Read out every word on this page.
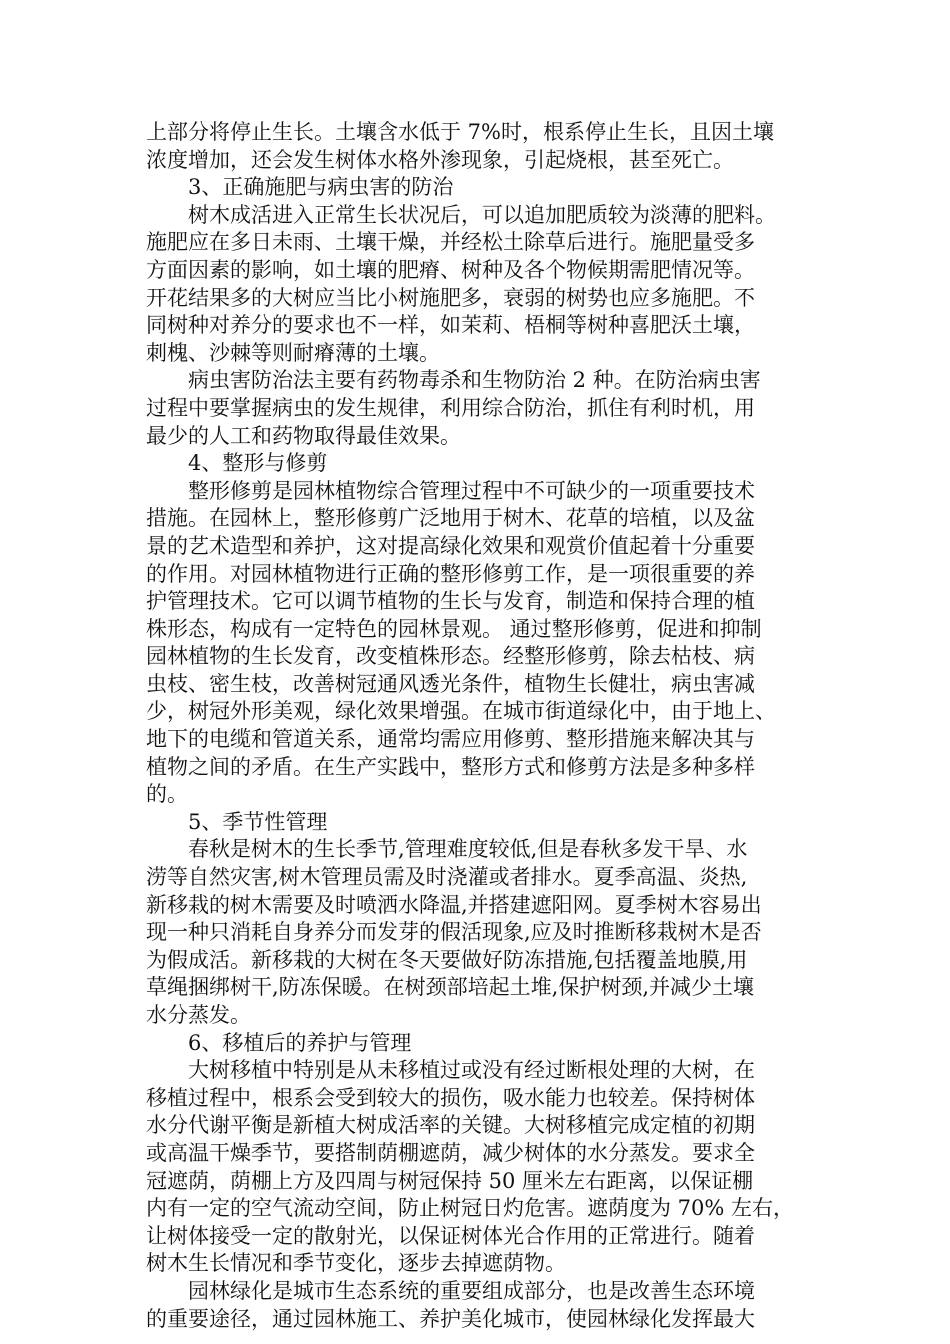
上部分将停止生长。土壤含水低于 7%时，根系停止生长，且因土壤
浓度增加，还会发生树体水格外渗现象，引起烧根，甚至死亡。
3、正确施肥与病虫害的防治
树木成活进入正常生长状况后，可以追加肥质较为淡薄的肥料。
施肥应在多日未雨、土壤干燥，并经松土除草后进行。施肥量受多
方面因素的影响，如土壤的肥瘠、树种及各个物候期需肥情况等。
开花结果多的大树应当比小树施肥多，衰弱的树势也应多施肥。不
同树种对养分的要求也不一样，如茉莉、梧桐等树种喜肥沃土壤，
刺槐、沙棘等则耐瘠薄的土壤。
病虫害防治法主要有药物毒杀和生物防治 2 种。在防治病虫害
过程中要掌握病虫的发生规律，利用综合防治，抓住有利时机，用
最少的人工和药物取得最佳效果。
4、整形与修剪
整形修剪是园林植物综合管理过程中不可缺少的一项重要技术
措施。在园林上，整形修剪广泛地用于树木、花草的培植，以及盆
景的艺术造型和养护，这对提高绿化效果和观赏价值起着十分重要
的作用。对园林植物进行正确的整形修剪工作，是一项很重要的养
护管理技术。它可以调节植物的生长与发育，制造和保持合理的植
株形态，构成有一定特色的园林景观。 通过整形修剪，促进和抑制
园林植物的生长发育，改变植株形态。经整形修剪，除去枯枝、病
虫枝、密生枝，改善树冠通风透光条件，植物生长健壮，病虫害减
少，树冠外形美观，绿化效果增强。在城市街道绿化中，由于地上、
地下的电缆和管道关系，通常均需应用修剪、整形措施来解决其与
植物之间的矛盾。在生产实践中，整形方式和修剪方法是多种多样
的。
5、季节性管理
春秋是树木的生长季节,管理难度较低,但是春秋多发干旱、水
涝等自然灾害,树木管理员需及时浇灌或者排水。夏季高温、炎热,
新移栽的树木需要及时喷洒水降温,并搭建遮阳网。夏季树木容易出
现一种只消耗自身养分而发芽的假活现象,应及时推断移栽树木是否
为假成活。新移栽的大树在冬天要做好防冻措施,包括覆盖地膜,用
草绳捆绑树干,防冻保暖。在树颈部培起土堆,保护树颈,并减少土壤
水分蒸发。
6、移植后的养护与管理
大树移植中特别是从未移植过或没有经过断根处理的大树，在
移植过程中，根系会受到较大的损伤，吸水能力也较差。保持树体
水分代谢平衡是新植大树成活率的关键。大树移植完成定植的初期
或高温干燥季节，要搭制荫棚遮荫，减少树体的水分蒸发。要求全
冠遮荫，荫棚上方及四周与树冠保持 50 厘米左右距离，以保证棚
内有一定的空气流动空间，防止树冠日灼危害。遮荫度为 70% 左右，
让树体接受一定的散射光，以保证树体光合作用的正常进行。随着
树木生长情况和季节变化，逐步去掉遮荫物。
园林绿化是城市生态系统的重要组成部分，也是改善生态环境
的重要途径，通过园林施工、养护美化城市，使园林绿化发挥最大
